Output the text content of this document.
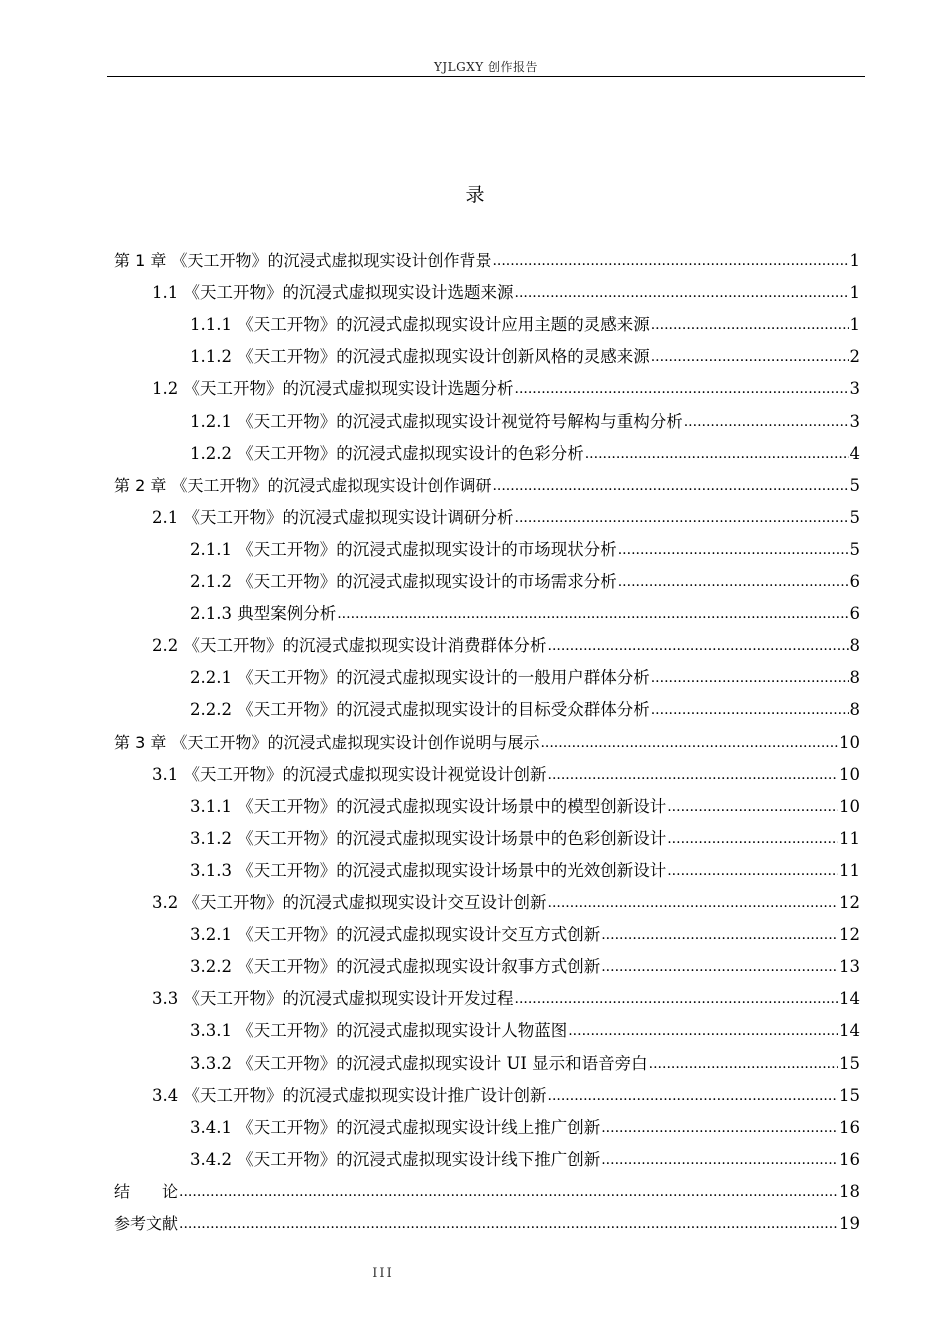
YJLGXY 创作报告
录
第 1 章 《天工开物》的沉浸式虚拟现实设计创作背景 .....	1
1.1 《天工开物》的沉浸式虚拟现实设计选题来源 .....	1
1.1.1 《天工开物》的沉浸式虚拟现实设计应用主题的灵感来源 .....	1
1.1.2 《天工开物》的沉浸式虚拟现实设计创新风格的灵感来源 .....	2
1.2 《天工开物》的沉浸式虚拟现实设计选题分析 .....	3
1.2.1 《天工开物》的沉浸式虚拟现实设计视觉符号解构与重构分析 .....	3
1.2.2 《天工开物》的沉浸式虚拟现实设计的色彩分析 .....	4
第 2 章 《天工开物》的沉浸式虚拟现实设计创作调研 .....	5
2.1 《天工开物》的沉浸式虚拟现实设计调研分析 .....	5
2.1.1 《天工开物》的沉浸式虚拟现实设计的市场现状分析 .....	5
2.1.2 《天工开物》的沉浸式虚拟现实设计的市场需求分析 .....	6
2.1.3 典型案例分析 .....	6
2.2 《天工开物》的沉浸式虚拟现实设计消费群体分析 .....	8
2.2.1 《天工开物》的沉浸式虚拟现实设计的一般用户群体分析 .....	8
2.2.2 《天工开物》的沉浸式虚拟现实设计的目标受众群体分析 .....	8
第 3 章 《天工开物》的沉浸式虚拟现实设计创作说明与展示 .....	10
3.1 《天工开物》的沉浸式虚拟现实设计视觉设计创新 .....	10
3.1.1 《天工开物》的沉浸式虚拟现实设计场景中的模型创新设计 .....	10
3.1.2 《天工开物》的沉浸式虚拟现实设计场景中的色彩创新设计 .....	11
3.1.3 《天工开物》的沉浸式虚拟现实设计场景中的光效创新设计 .....	11
3.2 《天工开物》的沉浸式虚拟现实设计交互设计创新 .....	12
3.2.1 《天工开物》的沉浸式虚拟现实设计交互方式创新 .....	12
3.2.2 《天工开物》的沉浸式虚拟现实设计叙事方式创新 .....	13
3.3 《天工开物》的沉浸式虚拟现实设计开发过程 .....	14
3.3.1 《天工开物》的沉浸式虚拟现实设计人物蓝图 .....	14
3.3.2 《天工开物》的沉浸式虚拟现实设计 UI 显示和语音旁白 .....	15
3.4 《天工开物》的沉浸式虚拟现实设计推广设计创新 .....	15
3.4.1 《天工开物》的沉浸式虚拟现实设计线上推广创新 .....	16
3.4.2 《天工开物》的沉浸式虚拟现实设计线下推广创新 .....	16
结　　论 .....	18
参考文献 .....	19
III
